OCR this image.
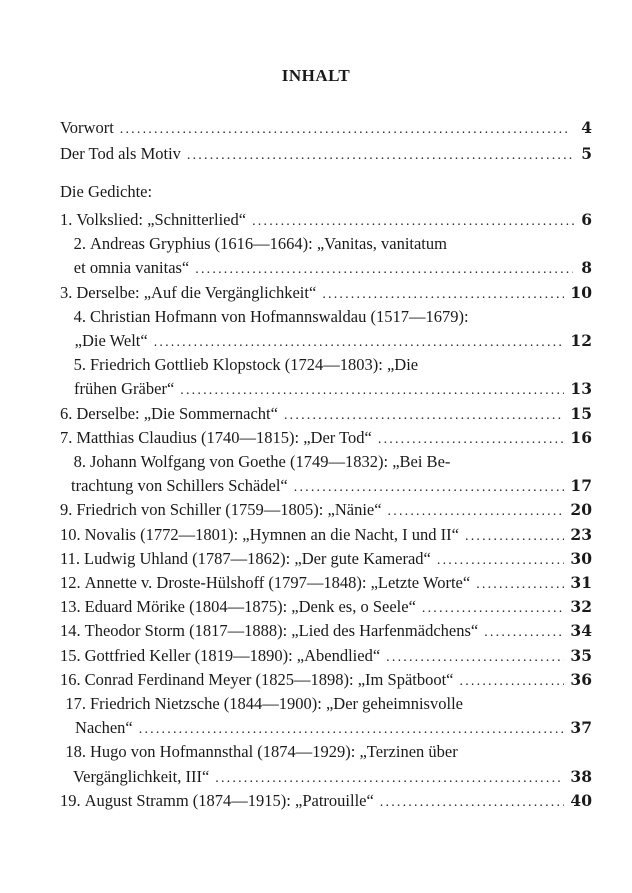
INHALT
Vorwort .....	4
Der Tod als Motiv .....	5
Die Gedichte:
1. Volkslied: „Schnitterlied“ .....	6
2. Andreas Gryphius (1616—1664): „Vanitas, vanitatum
et omnia vanitas“ .....	8
3. Derselbe: „Auf die Vergänglichkeit“ .....	10
4. Christian Hofmann von Hofmannswaldau (1517—1679):
„Die Welt“ .....	12
5. Friedrich Gottlieb Klopstock (1724—1803): „Die
frühen Gräber“ .....	13
6. Derselbe: „Die Sommernacht“ .....	15
7. Matthias Claudius (1740—1815): „Der Tod“ .....	16
8. Johann Wolfgang von Goethe (1749—1832): „Bei Be-
trachtung von Schillers Schädel“ .....	17
9. Friedrich von Schiller (1759—1805): „Nänie“ .....	20
10. Novalis (1772—1801): „Hymnen an die Nacht, I und II“ .....	23
11. Ludwig Uhland (1787—1862): „Der gute Kamerad“ .....	30
12. Annette v. Droste-Hülshoff (1797—1848): „Letzte Worte“ .....	31
13. Eduard Mörike (1804—1875): „Denk es, o Seele“ .....	32
14. Theodor Storm (1817—1888): „Lied des Harfenmädchens“ .....	34
15. Gottfried Keller (1819—1890): „Abendlied“ .....	35
16. Conrad Ferdinand Meyer (1825—1898): „Im Spätboot“ .....	36
17. Friedrich Nietzsche (1844—1900): „Der geheimnisvolle
Nachen“ .....	37
18. Hugo von Hofmannsthal (1874—1929): „Terzinen über
Vergänglichkeit, III“ .....	38
19. August Stramm (1874—1915): „Patrouille“ .....	40
